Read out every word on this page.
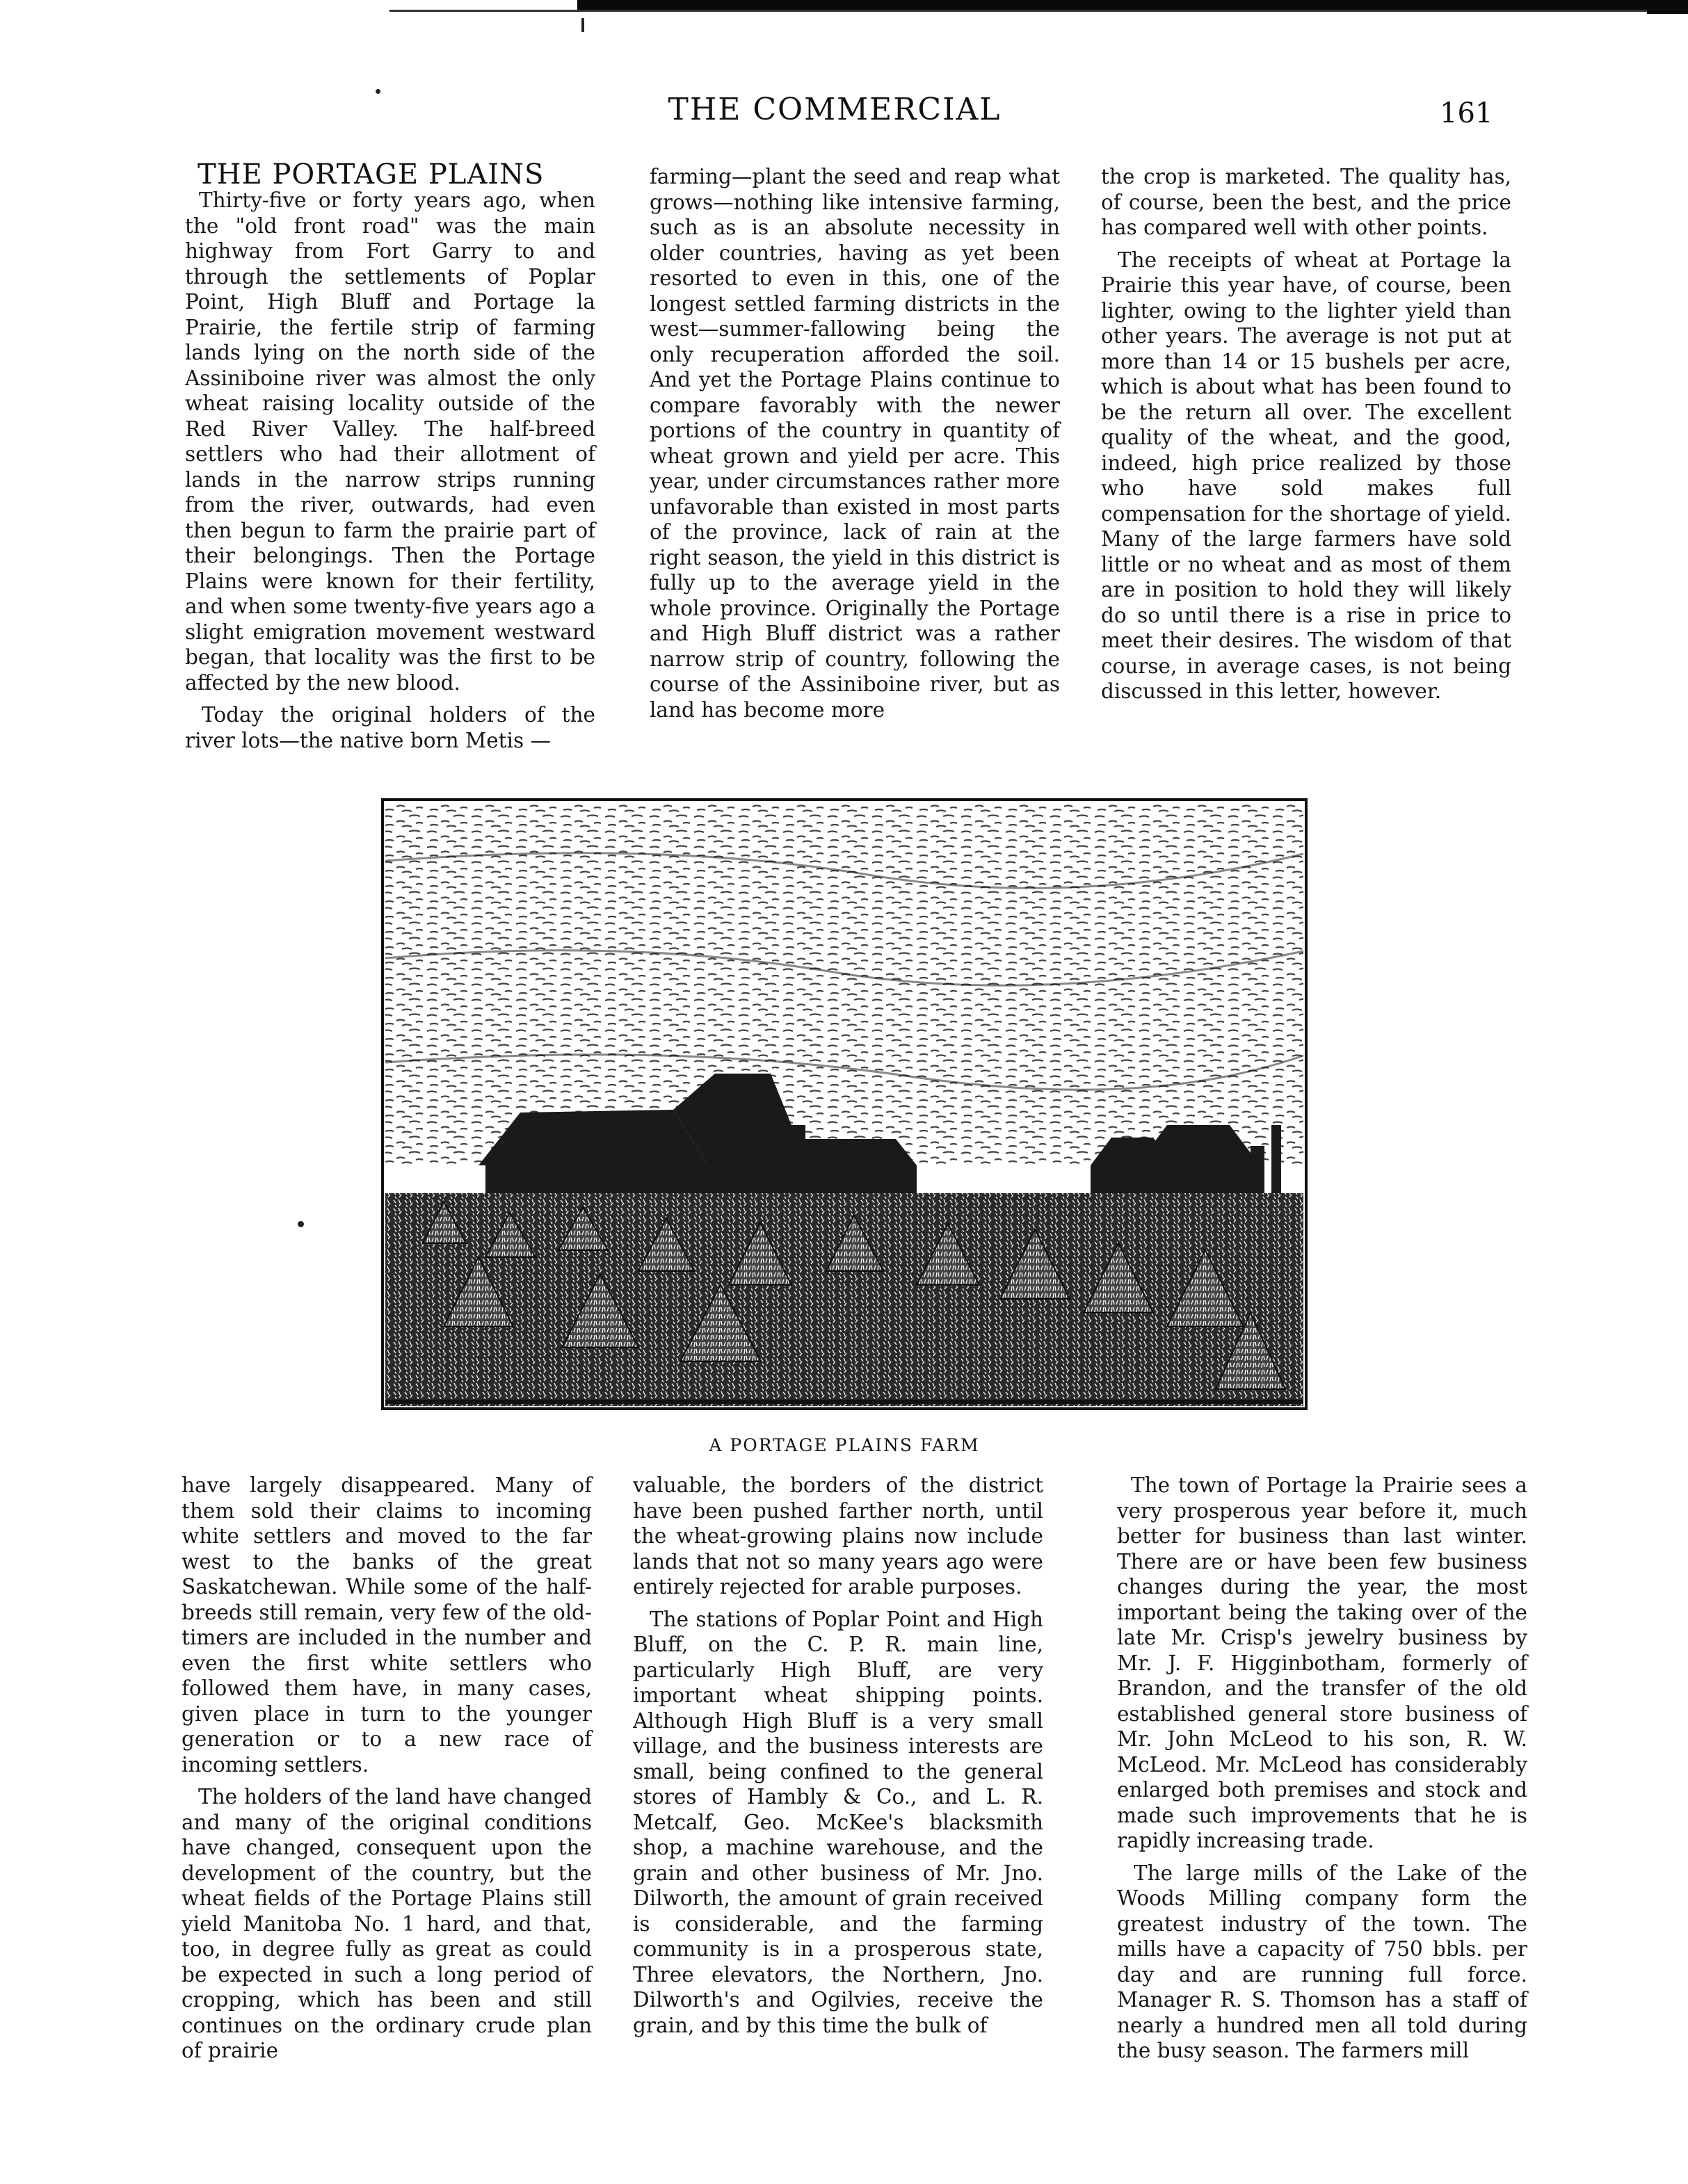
THE COMMERCIAL	161
THE PORTAGE PLAINS

Thirty-five or forty years ago, when the "old front road" was the main highway from Fort Garry to and through the settlements of Poplar Point, High Bluff and Portage la Prairie, the fertile strip of farming lands lying on the north side of the Assiniboine river was almost the only wheat raising locality outside of the Red River Valley. The half-breed settlers who had their allotment of lands in the narrow strips running from the river, outwards, had even then begun to farm the prairie part of their belongings. Then the Portage Plains were known for their fertility, and when some twenty-five years ago a slight emigration movement westward began, that locality was the first to be affected by the new blood.

Today the original holders of the river lots—the native born Metis —

farming—plant the seed and reap what grows—nothing like intensive farming, such as is an absolute necessity in older countries, having as yet been resorted to even in this, one of the longest settled farming districts in the west—summer-fallowing being the only recuperation afforded the soil. And yet the Portage Plains continue to compare favorably with the newer portions of the country in quantity of wheat grown and yield per acre. This year, under circumstances rather more unfavorable than existed in most parts of the province, lack of rain at the right season, the yield in this district is fully up to the average yield in the whole province. Originally the Portage and High Bluff district was a rather narrow strip of country, following the course of the Assiniboine river, but as land has become more

the crop is marketed. The quality has, of course, been the best, and the price has compared well with other points.

The receipts of wheat at Portage la Prairie this year have, of course, been lighter, owing to the lighter yield than other years. The average is not put at more than 14 or 15 bushels per acre, which is about what has been found to be the return all over. The excellent quality of the wheat, and the good, indeed, high price realized by those who have sold makes full compensation for the shortage of yield. Many of the large farmers have sold little or no wheat and as most of them are in position to hold they will likely do so until there is a rise in price to meet their desires. The wisdom of that course, in average cases, is not being discussed in this letter, however.

A PORTAGE PLAINS FARM

have largely disappeared. Many of them sold their claims to incoming white settlers and moved to the far west to the banks of the great Saskatchewan. While some of the half-breeds still remain, very few of the old-timers are included in the number and even the first white settlers who followed them have, in many cases, given place in turn to the younger generation or to a new race of incoming settlers.

The holders of the land have changed and many of the original conditions have changed, consequent upon the development of the country, but the wheat fields of the Portage Plains still yield Manitoba No. 1 hard, and that, too, in degree fully as great as could be expected in such a long period of cropping, which has been and still continues on the ordinary crude plan of prairie

valuable, the borders of the district have been pushed farther north, until the wheat-growing plains now include lands that not so many years ago were entirely rejected for arable purposes.

The stations of Poplar Point and High Bluff, on the C. P. R. main line, particularly High Bluff, are very important wheat shipping points. Although High Bluff is a very small village, and the business interests are small, being confined to the general stores of Hambly & Co., and L. R. Metcalf, Geo. McKee's blacksmith shop, a machine warehouse, and the grain and other business of Mr. Jno. Dilworth, the amount of grain received is considerable, and the farming community is in a prosperous state, Three elevators, the Northern, Jno. Dilworth's and Ogilvies, receive the grain, and by this time the bulk of

The town of Portage la Prairie sees a very prosperous year before it, much better for business than last winter. There are or have been few business changes during the year, the most important being the taking over of the late Mr. Crisp's jewelry business by Mr. J. F. Higginbotham, formerly of Brandon, and the transfer of the old established general store business of Mr. John McLeod to his son, R. W. McLeod. Mr. McLeod has considerably enlarged both premises and stock and made such improvements that he is rapidly increasing trade.

The large mills of the Lake of the Woods Milling company form the greatest industry of the town. The mills have a capacity of 750 bbls. per day and are running full force. Manager R. S. Thomson has a staff of nearly a hundred men all told during the busy season. The farmers mill
